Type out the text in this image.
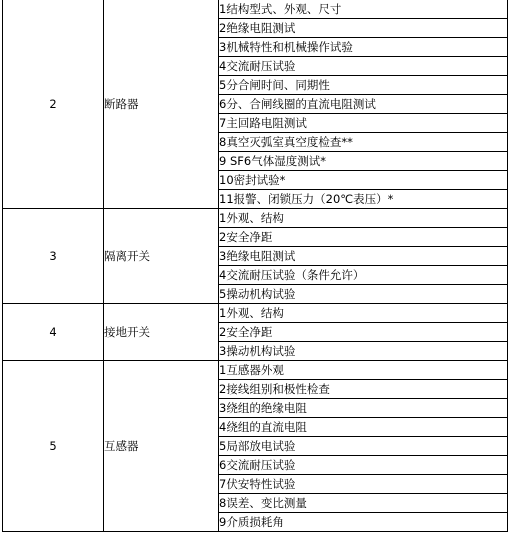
2	断路器	1结构型式、外观、尺寸
		2绝缘电阻测试
		3机械特性和机械操作试验
		4交流耐压试验
		5分合闸时间、同期性
		6分、合闸线圈的直流电阻测试
		7主回路电阻测试
		8真空灭弧室真空度检查**
		9 SF6气体湿度测试*
		10密封试验*
		11报警、闭锁压力（20℃表压）*
3	隔离开关	1外观、结构
		2安全净距
		3绝缘电阻测试
		4交流耐压试验（条件允许）
		5操动机构试验
4	接地开关	1外观、结构
		2安全净距
		3操动机构试验
5	互感器	1互感器外观
		2接线组别和极性检查
		3绕组的绝缘电阻
		4绕组的直流电阻
		5局部放电试验
		6交流耐压试验
		7伏安特性试验
		8误差、变比测量
		9介质损耗角
